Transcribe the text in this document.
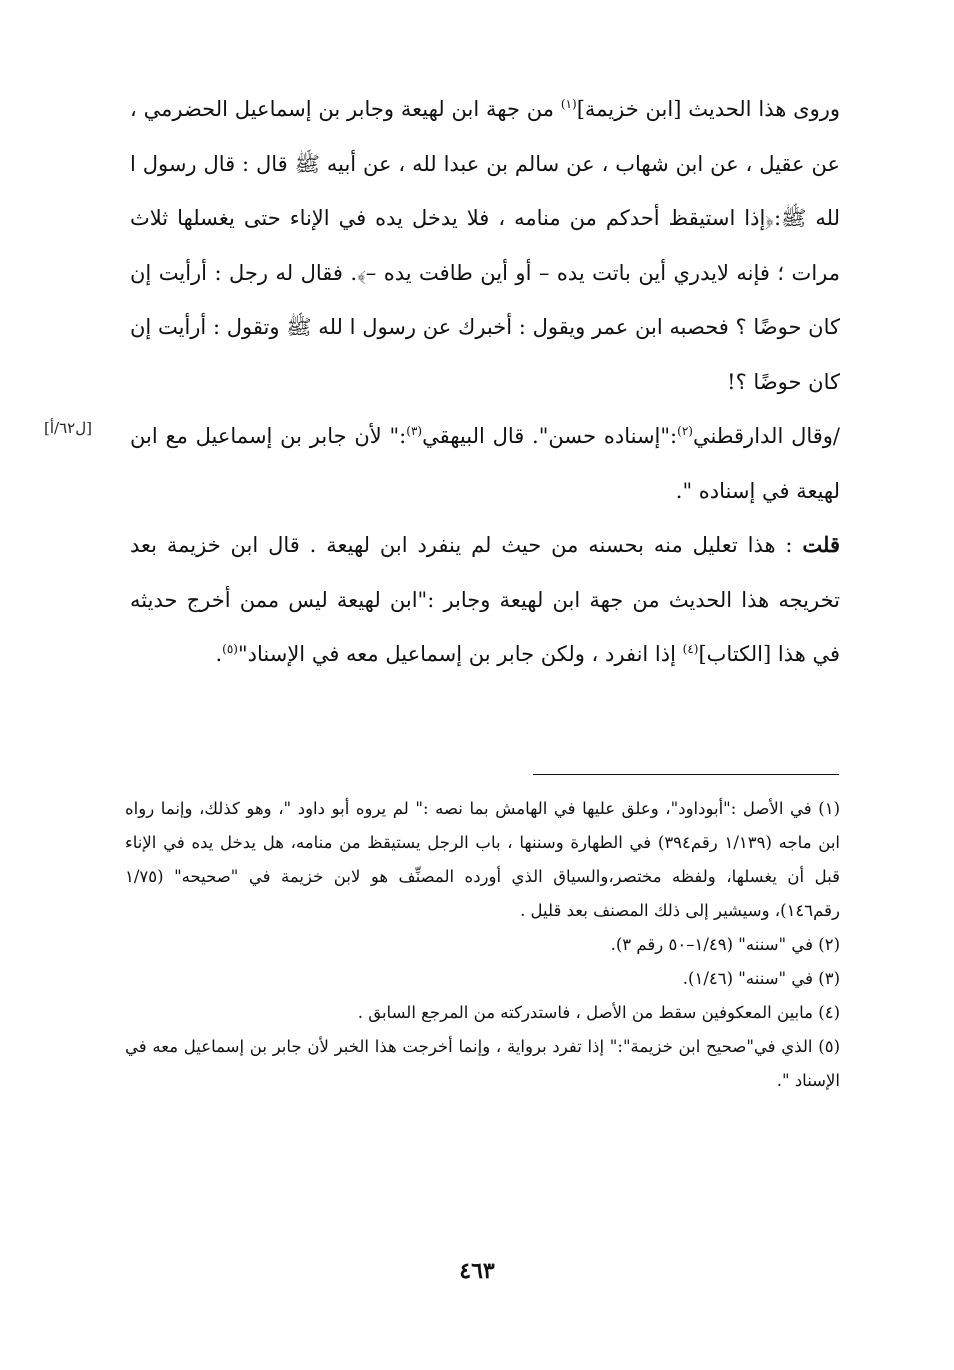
وروى هذا الحديث [ابن خزيمة]$^{(١)}$ من جهة ابن لهيعة وجابر بن إسماعيل الحضرمي ، عن عقيل ، عن ابن شهاب ، عن سالم بن عبدا لله ، عن أبيه ﷺ قال : قال رسول ا لله ﷺ:﴿إذا استيقظ أحدكم من منامه ، فلا يدخل يده في الإناء حتى يغسلها ثلاث مرات ؛ فإنه لايدري أين باتت يده – أو أين طافت يده –﴾. فقال له رجل : أرأيت إن كان حوضًا ؟ فحصبه ابن عمر ويقول : أخبرك عن رسول ا لله ﷺ وتقول : أرأيت إن كان حوضًا ؟!

/وقال الدارقطني$^{(٢)}$:"إسناده حسن". قال البيهقي$^{(٣)}$:" لأن جابر بن إسماعيل مع ابن لهيعة في إسناده ".

قلت : هذا تعليل منه بحسنه من حيث لم ينفرد ابن لهيعة . قال ابن خزيمة بعد تخريجه هذا الحديث من جهة ابن لهيعة وجابر :"ابن لهيعة ليس ممن أخرج حديثه في هذا [الكتاب]$^{(٤)}$ إذا انفرد ، ولكن جابر بن إسماعيل معه في الإسناد"$^{(٥)}$.

[ل٦٢/أ]

(١) في الأصل :"أبوداود"، وعلق عليها في الهامش بما نصه :" لم يروه أبو داود "، وهو كذلك، وإنما رواه ابن ماجه (١/١٣٩ رقم٣٩٤) في الطهارة وسننها ، باب الرجل يستيقظ من منامه، هل يدخل يده في الإناء قبل أن يغسلها، ولفظه مختصر،والسياق الذي أورده المصنِّف هو لابن خزيمة في "صحيحه" (١/٧٥ رقم١٤٦)، وسيشير إلى ذلك المصنف بعد قليل .

(٢) في "سننه" (١/٤٩–٥٠ رقم ٣).

(٣) في "سننه" (١/٤٦).

(٤) مابين المعكوفين سقط من الأصل ، فاستدركته من المرجع السابق .

(٥) الذي في"صحيح ابن خزيمة":" إذا تفرد برواية ، وإنما أخرجت هذا الخبر لأن جابر بن إسماعيل معه في الإسناد ".

٤٦٣
